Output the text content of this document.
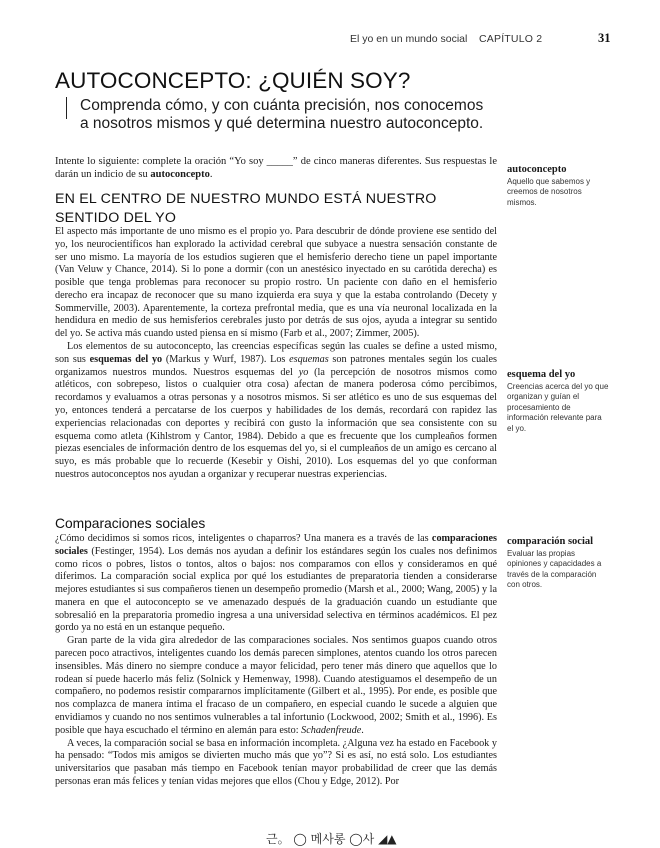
El yo en un mundo social CAPÍTULO 2	31
AUTOCONCEPTO: ¿QUIÉN SOY?
Comprenda cómo, y con cuánta precisión, nos conocemos a nosotros mismos y qué determina nuestro autoconcepto.
Intente lo siguiente: complete la oración “Yo soy _____” de cinco maneras diferentes. Sus respuestas le darán un indicio de su autoconcepto.
EN EL CENTRO DE NUESTRO MUNDO ESTÁ NUESTRO SENTIDO DEL YO

El aspecto más importante de uno mismo es el propio yo. Para descubrir de dónde proviene ese sentido del yo, los neurocientíficos han explorado la actividad cerebral que subyace a nuestra sensación constante de ser uno mismo. La mayoría de los estudios sugieren que el hemisferio derecho tiene un papel importante (Van Veluw y Chance, 2014). Si lo pone a dormir (con un anestésico inyectado en su carótida derecha) es posible que tenga problemas para reconocer su propio rostro. Un paciente con daño en el hemisferio derecho era incapaz de reconocer que su mano izquierda era suya y que la estaba controlando (Decety y Sommerville, 2003). Aparentemente, la corteza prefrontal media, que es una vía neuronal localizada en la hendidura en medio de sus hemisferios cerebrales justo por detrás de sus ojos, ayuda a integrar su sentido del yo. Se activa más cuando usted piensa en sí mismo (Farb et al., 2007; Zimmer, 2005).

Los elementos de su autoconcepto, las creencias específicas según las cuales se define a usted mismo, son sus esquemas del yo (Markus y Wurf, 1987). Los esquemas son patrones mentales según los cuales organizamos nuestros mundos. Nuestros esquemas del yo (la percepción de nosotros mismos como atléticos, con sobrepeso, listos o cualquier otra cosa) afectan de manera poderosa cómo percibimos, recordamos y evaluamos a otras personas y a nosotros mismos. Si ser atlético es uno de sus esquemas del yo, entonces tenderá a percatarse de los cuerpos y habilidades de los demás, recordará con rapidez las experiencias relacionadas con deportes y recibirá con gusto la información que sea consistente con su esquema como atleta (Kihlstrom y Cantor, 1984). Debido a que es frecuente que los cumpleaños formen piezas esenciales de información dentro de los esquemas del yo, si el cumpleaños de un amigo es cercano al suyo, es más probable que lo recuerde (Kesebir y Oishi, 2010). Los esquemas del yo que conforman nuestros autoconceptos nos ayudan a organizar y recuperar nuestras experiencias.

Comparaciones sociales

¿Cómo decidimos si somos ricos, inteligentes o chaparros? Una manera es a través de las comparaciones sociales (Festinger, 1954). Los demás nos ayudan a definir los estándares según los cuales nos definimos como ricos o pobres, listos o tontos, altos o bajos: nos comparamos con ellos y consideramos en qué diferimos. La comparación social explica por qué los estudiantes de preparatoria tienden a considerarse mejores estudiantes si sus compañeros tienen un desempeño promedio (Marsh et al., 2000; Wang, 2005) y la manera en que el autoconcepto se ve amenazado después de la graduación cuando un estudiante que sobresalió en la preparatoria promedio ingresa a una universidad selectiva en términos académicos. El pez gordo ya no está en un estanque pequeño.

Gran parte de la vida gira alrededor de las comparaciones sociales. Nos sentimos guapos cuando otros parecen poco atractivos, inteligentes cuando los demás parecen simplones, atentos cuando los otros parecen insensibles. Más dinero no siempre conduce a mayor felicidad, pero tener más dinero que aquellos que lo rodean sí puede hacerlo más feliz (Solnick y Hemenway, 1998). Cuando atestiguamos el desempeño de un compañero, no podemos resistir compararnos implícitamente (Gilbert et al., 1995). Por ende, es posible que nos complazca de manera íntima el fracaso de un compañero, en especial cuando le sucede a alguien que envidiamos y cuando no nos sentimos vulnerables a tal infortunio (Lockwood, 2002; Smith et al., 1996). Es posible que haya escuchado el término en alemán para esto: Schadenfreude.

A veces, la comparación social se basa en información incompleta. ¿Alguna vez ha estado en Facebook y ha pensado: “Todos mis amigos se divierten mucho más que yo”? Si es así, no está solo. Los estudiantes universitarios que pasaban más tiempo en Facebook tenían mayor probabilidad de creer que las demás personas eran más felices y tenían vidas mejores que ellos (Chou y Edge, 2012). Por

autoconcepto
Aquello que sabemos y creemos de nosotros mismos.
esquema del yo
Creencias acerca del yo que organizan y guían el procesamiento de información relevante para el yo.
comparación social
Evaluar las propias opiniones y capacidades a través de la comparación con otros.
근。 ◯ 메사롱 ◯사 ◢▲
